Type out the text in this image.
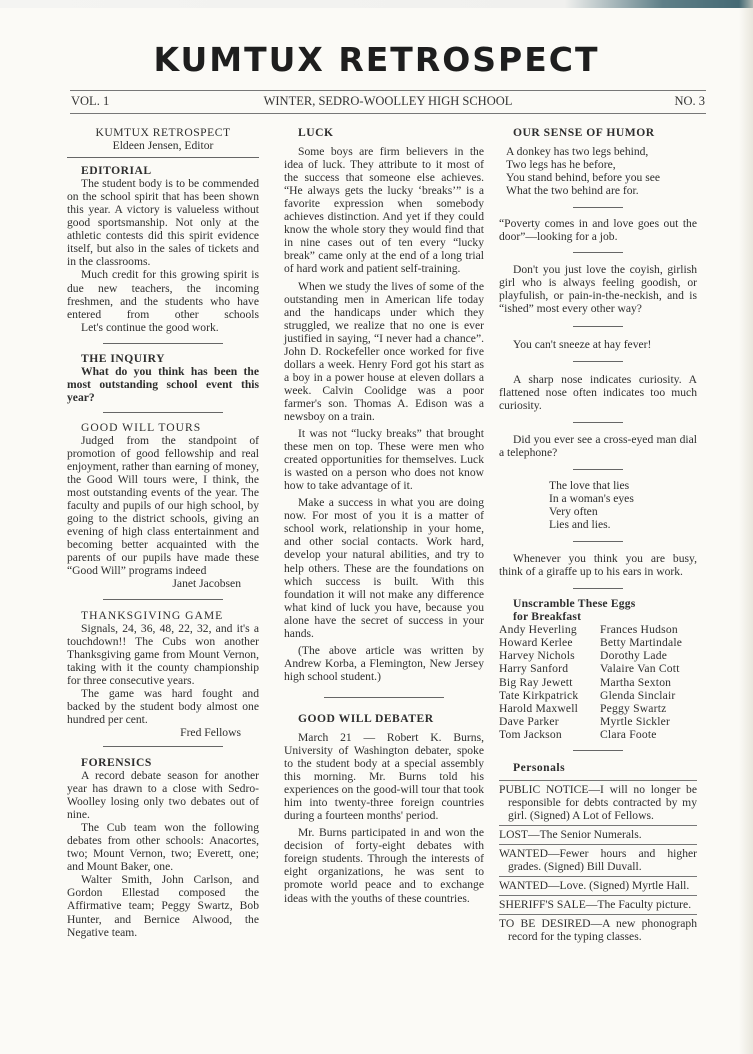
KUMTUX RETROSPECT
VOL. 1	WINTER, SEDRO-WOOLLEY HIGH SCHOOL	NO. 3

KUMTUX RETROSPECT

Eldeen Jensen, Editor

EDITORIAL

The student body is to be commended on the school spirit that has been shown this year. A victory is valueless without good sportsmanship. Not only at the athletic contests did this spirit evidence itself, but also in the sales of tickets and in the classrooms.

Much credit for this growing spirit is due new teachers, the incoming freshmen, and the students who have entered from other schools

Let's continue the good work.

THE INQUIRY

What do you think has been the most outstanding school event this year?

GOOD WILL TOURS

Judged from the standpoint of promotion of good fellowship and real enjoyment, rather than earning of money, the Good Will tours were, I think, the most outstanding events of the year. The faculty and pupils of our high school, by going to the district schools, giving an evening of high class entertainment and becoming better acquainted with the parents of our pupils have made these “Good Will” programs indeed

Janet Jacobsen

THANKSGIVING GAME

Signals, 24, 36, 48, 22, 32, and it's a touchdown!! The Cubs won another Thanksgiving game from Mount Vernon, taking with it the county championship for three consecutive years.

The game was hard fought and backed by the student body almost one hundred per cent.

Fred Fellows

FORENSICS

A record debate season for another year has drawn to a close with Sedro-Woolley losing only two debates out of nine.

The Cub team won the following debates from other schools: Anacortes, two; Mount Vernon, two; Everett, one; and Mount Baker, one.

Walter Smith, John Carlson, and Gordon Ellestad composed the Affirmative team; Peggy Swartz, Bob Hunter, and Bernice Alwood, the Negative team.

LUCK

Some boys are firm believers in the idea of luck. They attribute to it most of the success that someone else achieves. “He always gets the lucky ‘breaks’” is a favorite expression when somebody achieves distinction. And yet if they could know the whole story they would find that in nine cases out of ten every “lucky break” came only at the end of a long trial of hard work and patient self-training.

When we study the lives of some of the outstanding men in American life today and the handicaps under which they struggled, we realize that no one is ever justified in saying, “I never had a chance”. John D. Rockefeller once worked for five dollars a week. Henry Ford got his start as a boy in a power house at eleven dollars a week. Calvin Coolidge was a poor farmer's son. Thomas A. Edison was a newsboy on a train.

It was not “lucky breaks” that brought these men on top. These were men who created opportunities for themselves. Luck is wasted on a person who does not know how to take advantage of it.

Make a success in what you are doing now. For most of you it is a matter of school work, relationship in your home, and other social contacts. Work hard, develop your natural abilities, and try to help others. These are the foundations on which success is built. With this foundation it will not make any difference what kind of luck you have, because you alone have the secret of success in your hands.

(The above article was written by Andrew Korba, a Flemington, New Jersey high school student.)

GOOD WILL DEBATER

March 21 — Robert K. Burns, University of Washington debater, spoke to the student body at a special assembly this morning. Mr. Burns told his experiences on the good-will tour that took him into twenty-three foreign countries during a fourteen months' period.

Mr. Burns participated in and won the decision of forty-eight debates with foreign students. Through the interests of eight organizations, he was sent to promote world peace and to exchange ideas with the youths of these countries.

OUR SENSE OF HUMOR

A donkey has two legs behind,
Two legs has he before,
You stand behind, before you see
What the two behind are for.

“Poverty comes in and love goes out the door”—looking for a job.

Don't you just love the coyish, girlish girl who is always feeling goodish, or playfulish, or pain-in-the-neckish, and is “ished” most every other way?

You can't sneeze at hay fever!

A sharp nose indicates curiosity. A flattened nose often indicates too much curiosity.

Did you ever see a cross-eyed man dial a telephone?

The love that lies
In a woman's eyes
Very often
Lies and lies.

Whenever you think you are busy, think of a giraffe up to his ears in work.

Unscramble These Eggs

for Breakfast

Andy Heverling	Frances Hudson
Howard Kerlee	Betty Martindale
Harvey Nichols	Dorothy Lade
Harry Sanford	Valaire Van Cott
Big Ray Jewett	Martha Sexton
Tate Kirkpatrick	Glenda Sinclair
Harold Maxwell	Peggy Swartz
Dave Parker	Myrtle Sickler
Tom Jackson	Clara Foote

Personals

PUBLIC NOTICE—I will no longer be responsible for debts contracted by my girl. (Signed) A Lot of Fellows.
LOST—The Senior Numerals.
WANTED—Fewer hours and higher grades. (Signed) Bill Duvall.
WANTED—Love. (Signed) Myrtle Hall.
SHERIFF'S SALE—The Faculty picture.
TO BE DESIRED—A new phonograph record for the typing classes.
